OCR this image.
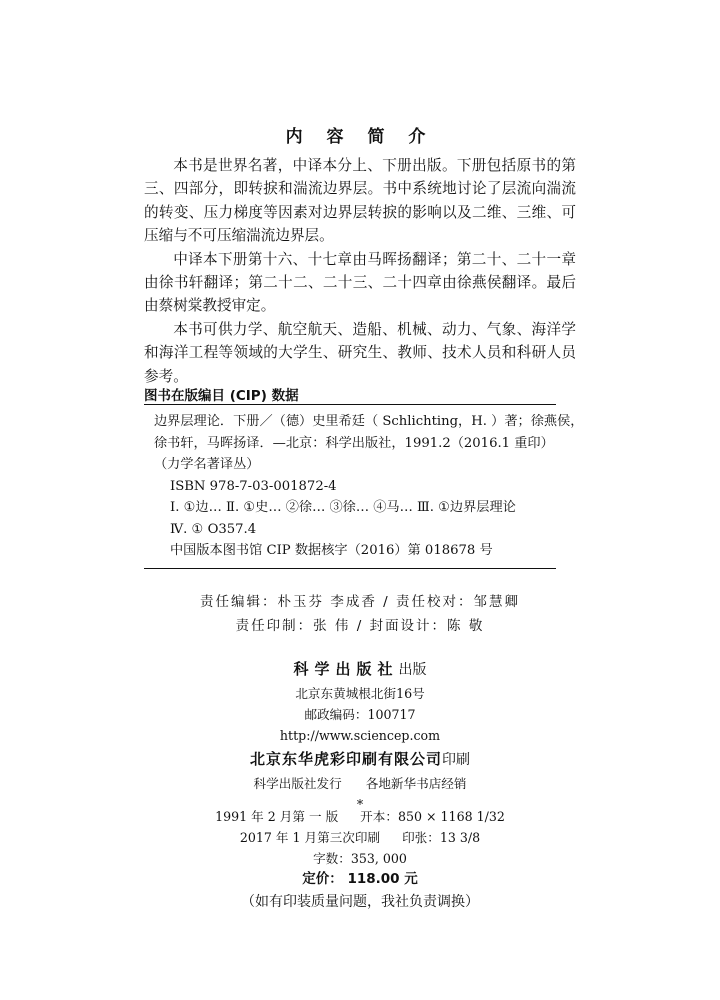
内 容 简 介

本书是世界名著，中译本分上、下册出版。下册包括原书的第三、四部分，即转捩和湍流边界层。书中系统地讨论了层流向湍流的转变、压力梯度等因素对边界层转捩的影响以及二维、三维、可压缩与不可压缩湍流边界层。

中译本下册第十六、十七章由马晖扬翻译；第二十、二十一章由徐书轩翻译；第二十二、二十三、二十四章由徐燕侯翻译。最后由蔡树棠教授审定。

本书可供力学、航空航天、造船、机械、动力、气象、海洋学和海洋工程等领域的大学生、研究生、教师、技术人员和科研人员参考。

图书在版编目 (CIP) 数据
边界层理论．下册／（德）史里希廷（ Schlichting，H. ）著；徐燕侯，
徐书轩，马晖扬译．—北京：科学出版社，1991.2（2016.1 重印）
（力学名著译丛）
ISBN 978-7-03-001872-4
Ⅰ. ①边… Ⅱ. ①史… ②徐… ③徐… ④马… Ⅲ. ①边界层理论
Ⅳ. ① O357.4
中国版本图书馆 CIP 数据核字（2016）第 018678 号
责任编辑：朴玉芬 李成香 / 责任校对：邹慧卿
责任印制：张 伟 / 封面设计：陈 敬
科学出版社出版
北京东黄城根北街16号
邮政编码：100717
http://www.sciencep.com
北京东华虎彩印刷有限公司印刷
科学出版社发行 各地新华书店经销
*
1991 年 2 月第 一 版 开本：850 × 1168 1/32
2017 年 1 月第三次印刷 印张：13 3/8
字数：353, 000
定价： 118.00 元
（如有印装质量问题，我社负责调换）
